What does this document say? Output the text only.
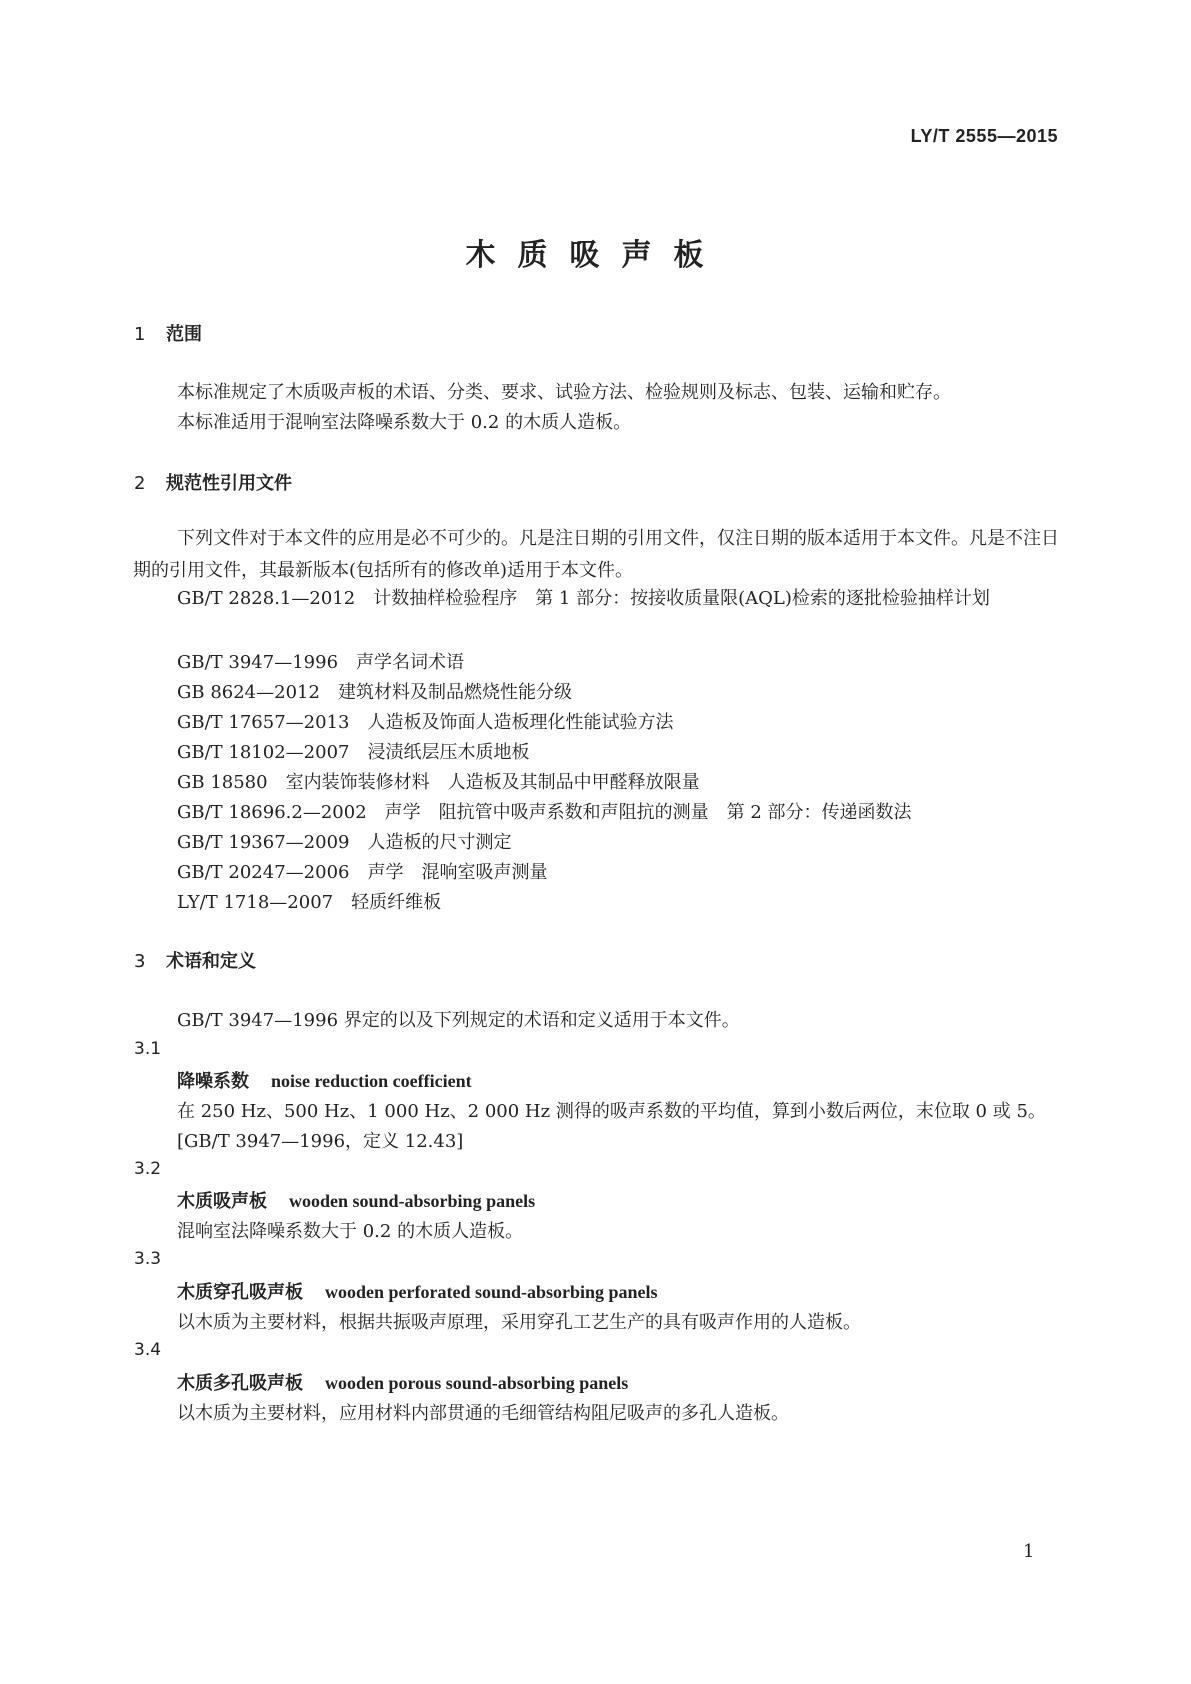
LY/T 2555—2015
木质吸声板
1 范围
本标准规定了木质吸声板的术语、分类、要求、试验方法、检验规则及标志、包装、运输和贮存。
本标准适用于混响室法降噪系数大于 0.2 的木质人造板。
2 规范性引用文件
下列文件对于本文件的应用是必不可少的。凡是注日期的引用文件，仅注日期的版本适用于本文件。凡是不注日期的引用文件，其最新版本(包括所有的修改单)适用于本文件。
GB/T 2828.1—2012　计数抽样检验程序　第 1 部分：按接收质量限(AQL)检索的逐批检验抽样计划
GB/T 3947—1996　声学名词术语
GB 8624—2012　建筑材料及制品燃烧性能分级
GB/T 17657—2013　人造板及饰面人造板理化性能试验方法
GB/T 18102—2007　浸渍纸层压木质地板
GB 18580　室内装饰装修材料　人造板及其制品中甲醛释放限量
GB/T 18696.2—2002　声学　阻抗管中吸声系数和声阻抗的测量　第 2 部分：传递函数法
GB/T 19367—2009　人造板的尺寸测定
GB/T 20247—2006　声学　混响室吸声测量
LY/T 1718—2007　轻质纤维板
3 术语和定义
GB/T 3947—1996 界定的以及下列规定的术语和定义适用于本文件。
3.1
降噪系数 noise reduction coefficient
在 250 Hz、500 Hz、1 000 Hz、2 000 Hz 测得的吸声系数的平均值，算到小数后两位，末位取 0 或 5。
[GB/T 3947—1996，定义 12.43]
3.2
木质吸声板 wooden sound-absorbing panels
混响室法降噪系数大于 0.2 的木质人造板。
3.3
木质穿孔吸声板 wooden perforated sound-absorbing panels
以木质为主要材料，根据共振吸声原理，采用穿孔工艺生产的具有吸声作用的人造板。
3.4
木质多孔吸声板 wooden porous sound-absorbing panels
以木质为主要材料，应用材料内部贯通的毛细管结构阻尼吸声的多孔人造板。
1
